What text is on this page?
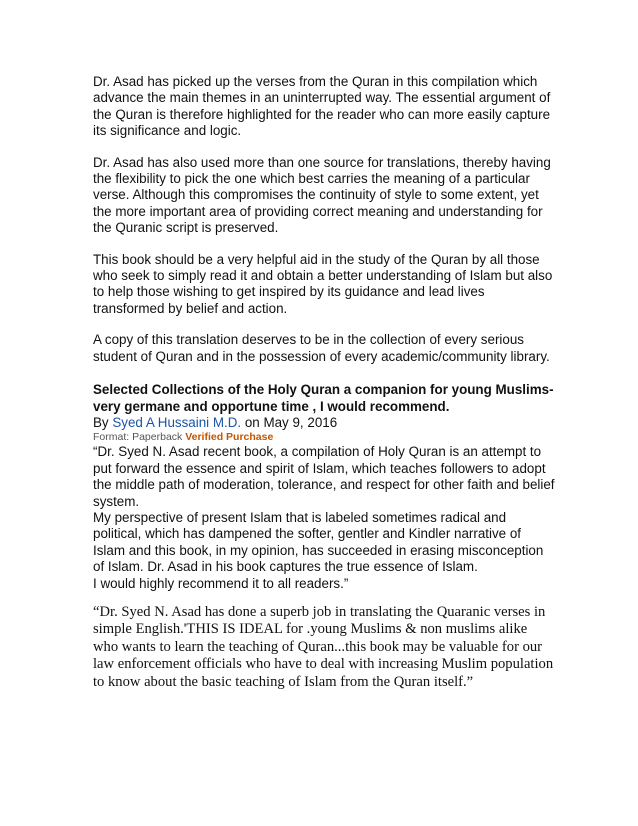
Dr. Asad has picked up the verses from the Quran in this compilation which advance the main themes in an uninterrupted way. The essential argument of the Quran is therefore highlighted for the reader who can more easily capture its significance and logic.

Dr. Asad has also used more than one source for translations, thereby having the flexibility to pick the one which best carries the meaning of a particular verse. Although this compromises the continuity of style to some extent, yet the more important area of providing correct meaning and understanding for the Quranic script is preserved.

This book should be a very helpful aid in the study of the Quran by all those who seek to simply read it and obtain a better understanding of Islam but also to help those wishing to get inspired by its guidance and lead lives transformed by belief and action.

A copy of this translation deserves to be in the collection of every serious student of Quran and in the possession of every academic/community library.

Selected Collections of the Holy Quran a companion for young Muslims- very germane and opportune time , I would recommend.

By Syed A Hussaini M.D. on May 9, 2016

Format: Paperback Verified Purchase

“Dr. Syed N. Asad recent book, a compilation of Holy Quran is an attempt to put forward the essence and spirit of Islam, which teaches followers to adopt the middle path of moderation, tolerance, and respect for other faith and belief system.

My perspective of present Islam that is labeled sometimes radical and political, which has dampened the softer, gentler and Kindler narrative of Islam and this book, in my opinion, has succeeded in erasing misconception of Islam. Dr. Asad in his book captures the true essence of Islam.

I would highly recommend it to all readers.”

“Dr. Syed N. Asad has done a superb job in translating the Quaranic verses in simple English.'THIS IS IDEAL for .young Muslims & non muslims alike who wants to learn the teaching of Quran...this book may be valuable for our law enforcement officials who have to deal with increasing Muslim population to know about the basic teaching of Islam from the Quran itself.”
